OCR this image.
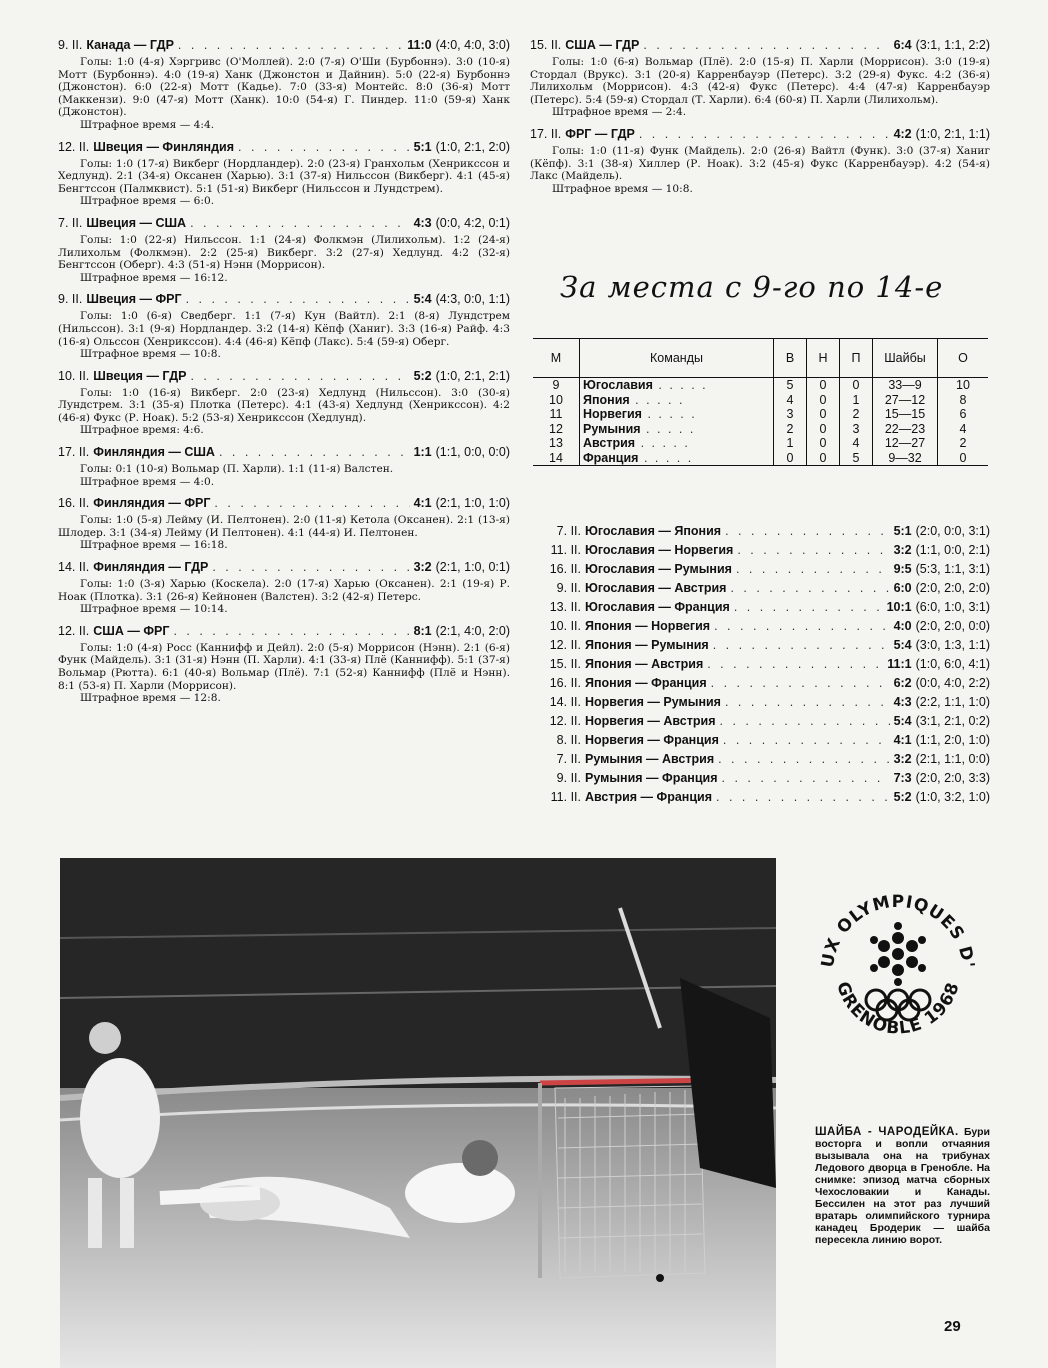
9. II. Канада — ГДР . . .	11:0 (4:0, 4:0, 3:0)
Голы: 1:0 (4-я) Хэргривс (О'Моллей). 2:0 (7-я) О'Ши (Бурбоннэ). 3:0 (10-я) Мотт (Бурбоннэ). 4:0 (19-я) Ханк (Джонстон и Дайнин). 5:0 (22-я) Бурбоннэ (Джонстон). 6:0 (22-я) Мотт (Кадье). 7:0 (33-я) Монтейс. 8:0 (36-я) Мотт (Маккензи). 9:0 (47-я) Мотт (Ханк). 10:0 (54-я) Г. Пиндер. 11:0 (59-я) Ханк (Джонстон).
Штрафное время — 4:4.
12. II. Швеция — Финляндия . . .	5:1 (1:0, 2:1, 2:0)
Голы: 1:0 (17-я) Викберг (Нордландер). 2:0 (23-я) Гранхольм (Хенрикссон и Хедлунд). 2:1 (34-я) Оксанен (Харью). 3:1 (37-я) Нильссон (Викберг). 4:1 (45-я) Бенгтссон (Палмквист). 5:1 (51-я) Викберг (Нильссон и Лундстрем).
Штрафное время — 6:0.
7. II. Швеция — США . . .	4:3 (0:0, 4:2, 0:1)
Голы: 1:0 (22-я) Нильссон. 1:1 (24-я) Фолкмэн (Лилихольм). 1:2 (24-я) Лилихольм (Фолкмэн). 2:2 (25-я) Викберг. 3:2 (27-я) Хедлунд. 4:2 (32-я) Бенгтссон (Оберг). 4:3 (51-я) Нэнн (Моррисон).
Штрафное время — 16:12.
9. II. Швеция — ФРГ . . .	5:4 (4:3, 0:0, 1:1)
Голы: 1:0 (6-я) Сведберг. 1:1 (7-я) Кун (Вайтл). 2:1 (8-я) Лундстрем (Нильссон). 3:1 (9-я) Нордландер. 3:2 (14-я) Кёпф (Ханиг). 3:3 (16-я) Райф. 4:3 (16-я) Ольссон (Хенрикссон). 4:4 (46-я) Кёпф (Лакс). 5:4 (59-я) Оберг.
Штрафное время — 10:8.
10. II. Швеция — ГДР . . .	5:2 (1:0, 2:1, 2:1)
Голы: 1:0 (16-я) Викберг. 2:0 (23-я) Хедлунд (Нильссон). 3:0 (30-я) Лундстрем. 3:1 (35-я) Плотка (Петерс). 4:1 (43-я) Хедлунд (Хенрикссон). 4:2 (46-я) Фукс (Р. Ноак). 5:2 (53-я) Хенрикссон (Хедлунд).
Штрафное время: 4:6.
17. II. Финляндия — США . . .	1:1 (1:1, 0:0, 0:0)
Голы: 0:1 (10-я) Вольмар (П. Харли). 1:1 (11-я) Валстен.
Штрафное время — 4:0.
16. II. Финляндия — ФРГ . . .	4:1 (2:1, 1:0, 1:0)
Голы: 1:0 (5-я) Лейму (И. Пелтонен). 2:0 (11-я) Кетола (Оксанен). 2:1 (13-я) Шлодер. 3:1 (34-я) Лейму (И Пелтонен). 4:1 (44-я) И. Пелтонен.
Штрафное время — 16:18.
14. II. Финляндия — ГДР . . .	3:2 (2:1, 1:0, 0:1)
Голы: 1:0 (3-я) Харью (Коскела). 2:0 (17-я) Харью (Оксанен). 2:1 (19-я) Р. Ноак (Плотка). 3:1 (26-я) Кейнонен (Валстен). 3:2 (42-я) Петерс.
Штрафное время — 10:14.
12. II. США — ФРГ . . .	8:1 (2:1, 4:0, 2:0)
Голы: 1:0 (4-я) Росс (Каннифф и Дейл). 2:0 (5-я) Моррисон (Нэнн). 2:1 (6-я) Функ (Майдель). 3:1 (31-я) Нэнн (П. Харли). 4:1 (33-я) Плё (Каннифф). 5:1 (37-я) Вольмар (Рютта). 6:1 (40-я) Вольмар (Плё). 7:1 (52-я) Каннифф (Плё и Нэнн). 8:1 (53-я) П. Харли (Моррисон).
Штрафное время — 12:8.
15. II. США — ГДР . . .	6:4 (3:1, 1:1, 2:2)
Голы: 1:0 (6-я) Вольмар (Плё). 2:0 (15-я) П. Харли (Моррисон). 3:0 (19-я) Стордал (Врукс). 3:1 (20-я) Карренбауэр (Петерс). 3:2 (29-я) Фукс. 4:2 (36-я) Лилихольм (Моррисон). 4:3 (42-я) Фукс (Петерс). 4:4 (47-я) Карренбауэр (Петерс). 5:4 (59-я) Стордал (Т. Харли). 6:4 (60-я) П. Харли (Лилихольм).
Штрафное время — 2:4.
17. II. ФРГ — ГДР . . .	4:2 (1:0, 2:1, 1:1)
Голы: 1:0 (11-я) Функ (Майдель). 2:0 (26-я) Вайтл (Функ). 3:0 (37-я) Ханиг (Кёпф). 3:1 (38-я) Хиллер (Р. Ноак). 3:2 (45-я) Фукс (Карренбауэр). 4:2 (54-я) Лакс (Майдель).
Штрафное время — 10:8.
За места с 9-го по 14-е
М	Команды	В	Н	П	Шайбы	О
9	Югославия . . . . .	5	0	0	33—9	10
10	Япония . . . . .	4	0	1	27—12	8
11	Норвегия . . . . .	3	0	2	15—15	6
12	Румыния . . . . .	2	0	3	22—23	4
13	Австрия . . . . .	1	0	4	12—27	2
14	Франция . . . . .	0	0	5	9—32	0
7. II. Югославия — Япония . . .	5:1 (2:0, 0:0, 3:1)
11. II. Югославия — Норвегия . . .	3:2 (1:1, 0:0, 2:1)
16. II. Югославия — Румыния . . .	9:5 (5:3, 1:1, 3:1)
9. II. Югославия — Австрия . . .	6:0 (2:0, 2:0, 2:0)
13. II. Югославия — Франция . . .	10:1 (6:0, 1:0, 3:1)
10. II. Япония — Норвегия . . .	4:0 (2:0, 2:0, 0:0)
12. II. Япония — Румыния . . .	5:4 (3:0, 1:3, 1:1)
15. II. Япония — Австрия . . .	11:1 (1:0, 6:0, 4:1)
16. II. Япония — Франция . . .	6:2 (0:0, 4:0, 2:2)
14. II. Норвегия — Румыния . . .	4:3 (2:2, 1:1, 1:0)
12. II. Норвегия — Австрия . . .	5:4 (3:1, 2:1, 0:2)
8. II. Норвегия — Франция . . .	4:1 (1:1, 2:0, 1:0)
7. II. Румыния — Австрия . . .	3:2 (2:1, 1:1, 0:0)
9. II. Румыния — Франция . . .	7:3 (2:0, 2:0, 3:3)
11. II. Австрия — Франция . . .	5:2 (1:0, 3:2, 1:0)
UX OLYMPIQUES D'
GRENOBLE 1968
ШАЙБА - ЧАРОДЕЙКА. Бури восторга и вопли отчаяния вызывала она на трибунах Ледового дворца в Гренобле. На снимке: эпизод матча сборных Чехословакии и Канады. Бессилен на этот раз лучший вратарь олимпийского турнира канадец Бродерик — шайба пересекла линию ворот.
29
